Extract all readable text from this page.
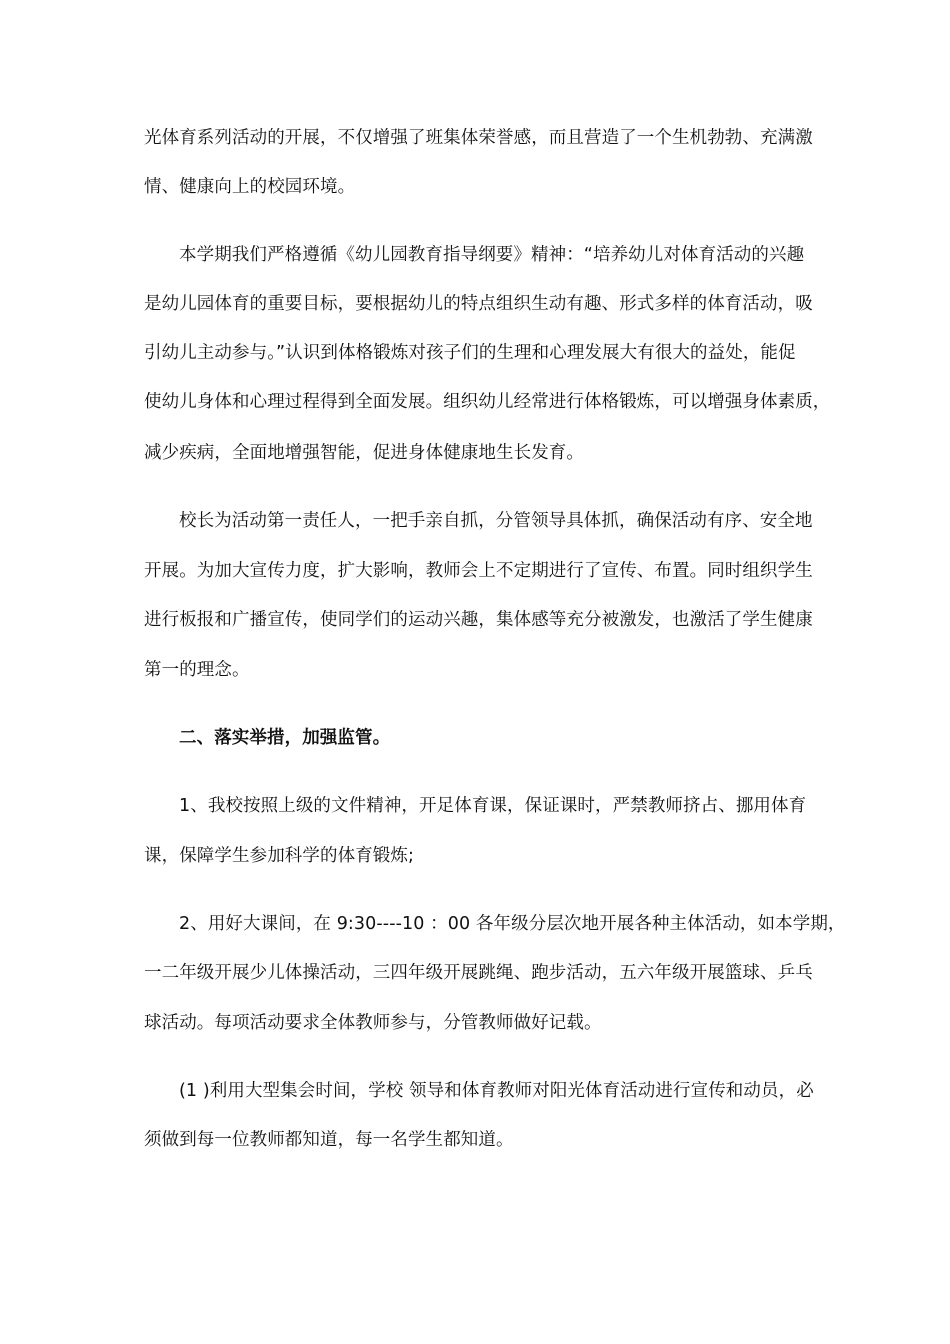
光体育系列活动的开展，不仅增强了班集体荣誉感，而且营造了一个生机勃勃、充满激
情、健康向上的校园环境。
本学期我们严格遵循《幼儿园教育指导纲要》精神：“培养幼儿对体育活动的兴趣
是幼儿园体育的重要目标，要根据幼儿的特点组织生动有趣、形式多样的体育活动，吸
引幼儿主动参与。”认识到体格锻炼对孩子们的生理和心理发展大有很大的益处，能促
使幼儿身体和心理过程得到全面发展。组织幼儿经常进行体格锻炼，可以增强身体素质，
减少疾病，全面地增强智能，促进身体健康地生长发育。
校长为活动第一责任人，一把手亲自抓，分管领导具体抓，确保活动有序、安全地
开展。为加大宣传力度，扩大影响，教师会上不定期进行了宣传、布置。同时组织学生
进行板报和广播宣传，使同学们的运动兴趣，集体感等充分被激发，也激活了学生健康
第一的理念。
二、落实举措，加强监管。
1、我校按照上级的文件精神，开足体育课，保证课时，严禁教师挤占、挪用体育
课，保障学生参加科学的体育锻炼;
2、用好大课间，在 9:30----10 ：00 各年级分层次地开展各种主体活动，如本学期，
一二年级开展少儿体操活动，三四年级开展跳绳、跑步活动，五六年级开展篮球、乒乓
球活动。每项活动要求全体教师参与，分管教师做好记载。
(1 )利用大型集会时间，学校 领导和体育教师对阳光体育活动进行宣传和动员，必
须做到每一位教师都知道，每一名学生都知道。
